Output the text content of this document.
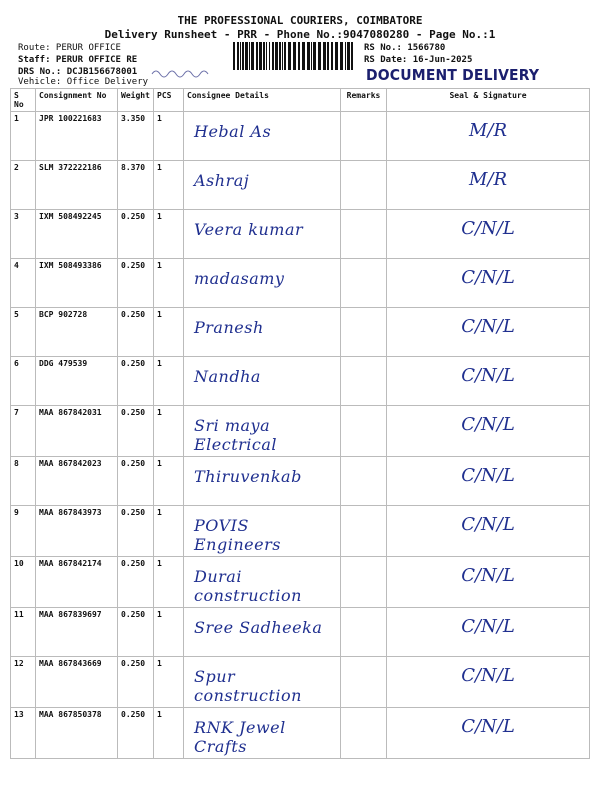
THE PROFESSIONAL COURIERS, COIMBATORE
Delivery Runsheet - PRR - Phone No.:9047080280 - Page No.:1
Route: PERUR OFFICE
Staff: PERUR OFFICE RE
DRS No.: DCJB156678001
Vehicle: Office Delivery
RS No.: 1566780
RS Date: 16-Jun-2025
DOCUMENT DELIVERY
S No	Consignment No	Weight	PCS	Consignee Details	Remarks	Seal & Signature
1	JPR 100221683	3.350	1	Hebal As		M/R
2	SLM 372222186	8.370	1	Ashraj		M/R
3	IXM 508492245	0.250	1	Veera kumar		C/N/L
4	IXM 508493386	0.250	1	madasamy		C/N/L
5	BCP 902728	0.250	1	Pranesh		C/N/L
6	DDG 479539	0.250	1	Nandha		C/N/L
7	MAA 867842031	0.250	1	Sri maya Electrical		C/N/L
8	MAA 867842023	0.250	1	Thiruvenkab		C/N/L
9	MAA 867843973	0.250	1	POVIS Engineers		C/N/L
10	MAA 867842174	0.250	1	Durai construction		C/N/L
11	MAA 867839697	0.250	1	Sree Sadheeka		C/N/L
12	MAA 867843669	0.250	1	Spur construction		C/N/L
13	MAA 867850378	0.250	1	RNK Jewel Crafts		C/N/L
